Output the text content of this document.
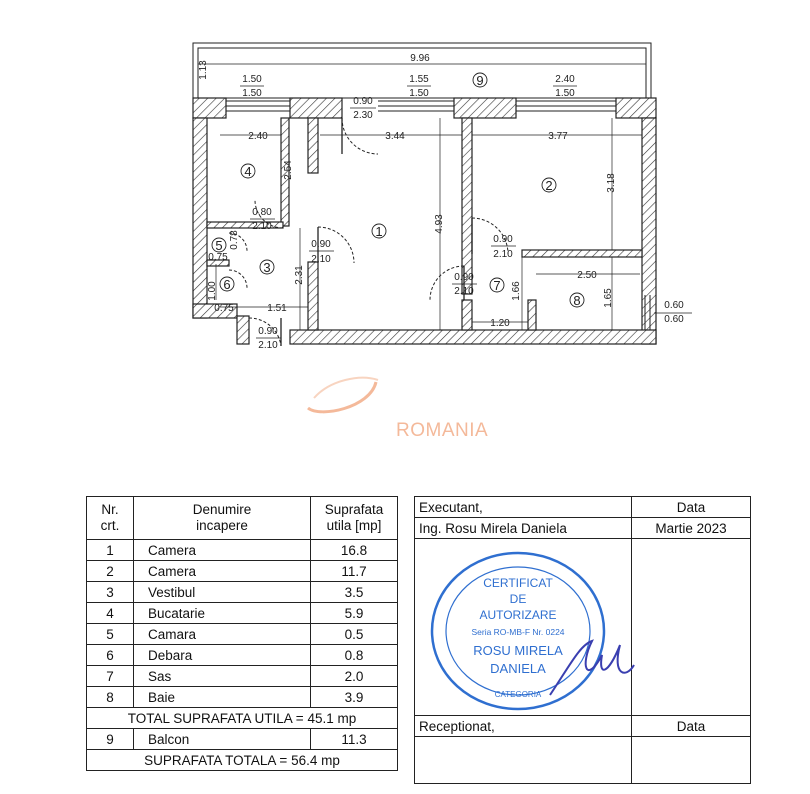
9.96
1.13	1.50
1.50
1.55
1.50
2.40
1.50
0.90
2.30
2.40	3.44	3.77
2.54
3.18
4.93
0.80
2.10
0.78
0.75
0.90
2.10
0.90
2.10
2.31	2.50
0.90
2.10
1.00	1.66	1.65
0.75	1.51
1.20
0.60
0.60
0.90
2.10
1
2
3
4
5
6	7
8
9
ROMANIA
Nr.
crt.	Denumire
incapere	Suprafata
utila [mp]
1	Camera	16.8
2	Camera	11.7
3	Vestibul	3.5
4	Bucatarie	5.9
5	Camara	0.5
6	Debara	0.8
7	Sas	2.0
8	Baie	3.9
TOTAL SUPRAFATA UTILA = 45.1 mp		
9	Balcon	11.3
SUPRAFATA TOTALA = 56.4 mp		
Executant,	Data
Ing. Rosu Mirela Daniela	Martie 2023

Receptionat,	Data

CERTIFICAT
DE
AUTORIZARE
Seria RO-MB-F Nr. 0224
ROSU MIRELA
DANIELA
CATEGORIA
